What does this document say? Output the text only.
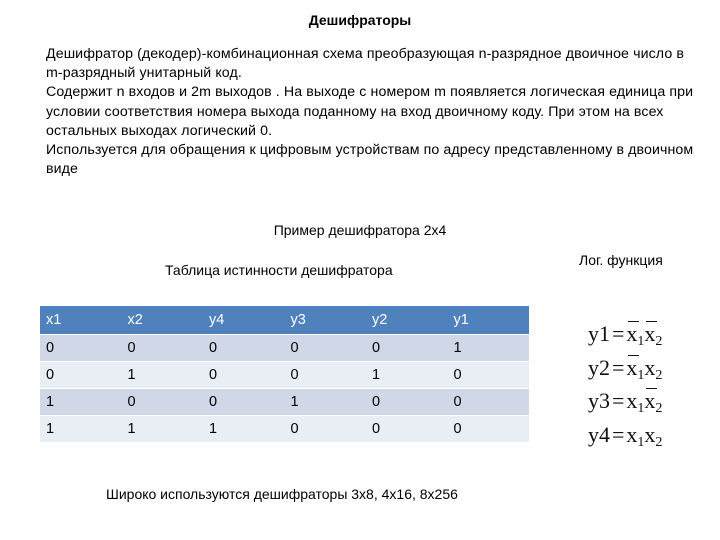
Дешифраторы

Дешифратор (декодер)-комбинационная схема преобразующая n-разрядное двоичное число в m-разрядный унитарный код.

Содержит n входов и 2m выходов . На выходе с номером m появляется логическая единица при условии соответствия номера выхода поданному на вход двоичному коду. При этом на всех остальных выходах логический 0.

Используется для обращения к цифровым устройствам по адресу представленному в двоичном виде

Пример дешифратора 2x4
Таблица истинности дешифратора
Лог. функция
x1	x2	y4	y3	y2	y1
0	0	0	0	0	1
0	1	0	0	1	0
1	0	0	1	0	0
1	1	1	0	0	0
$y1=x_1x_2$
$y2=x_1x_2$
$y3=x_1x_2$
$y4=x_1x_2$
Широко используются дешифраторы 3x8, 4x16, 8x256
